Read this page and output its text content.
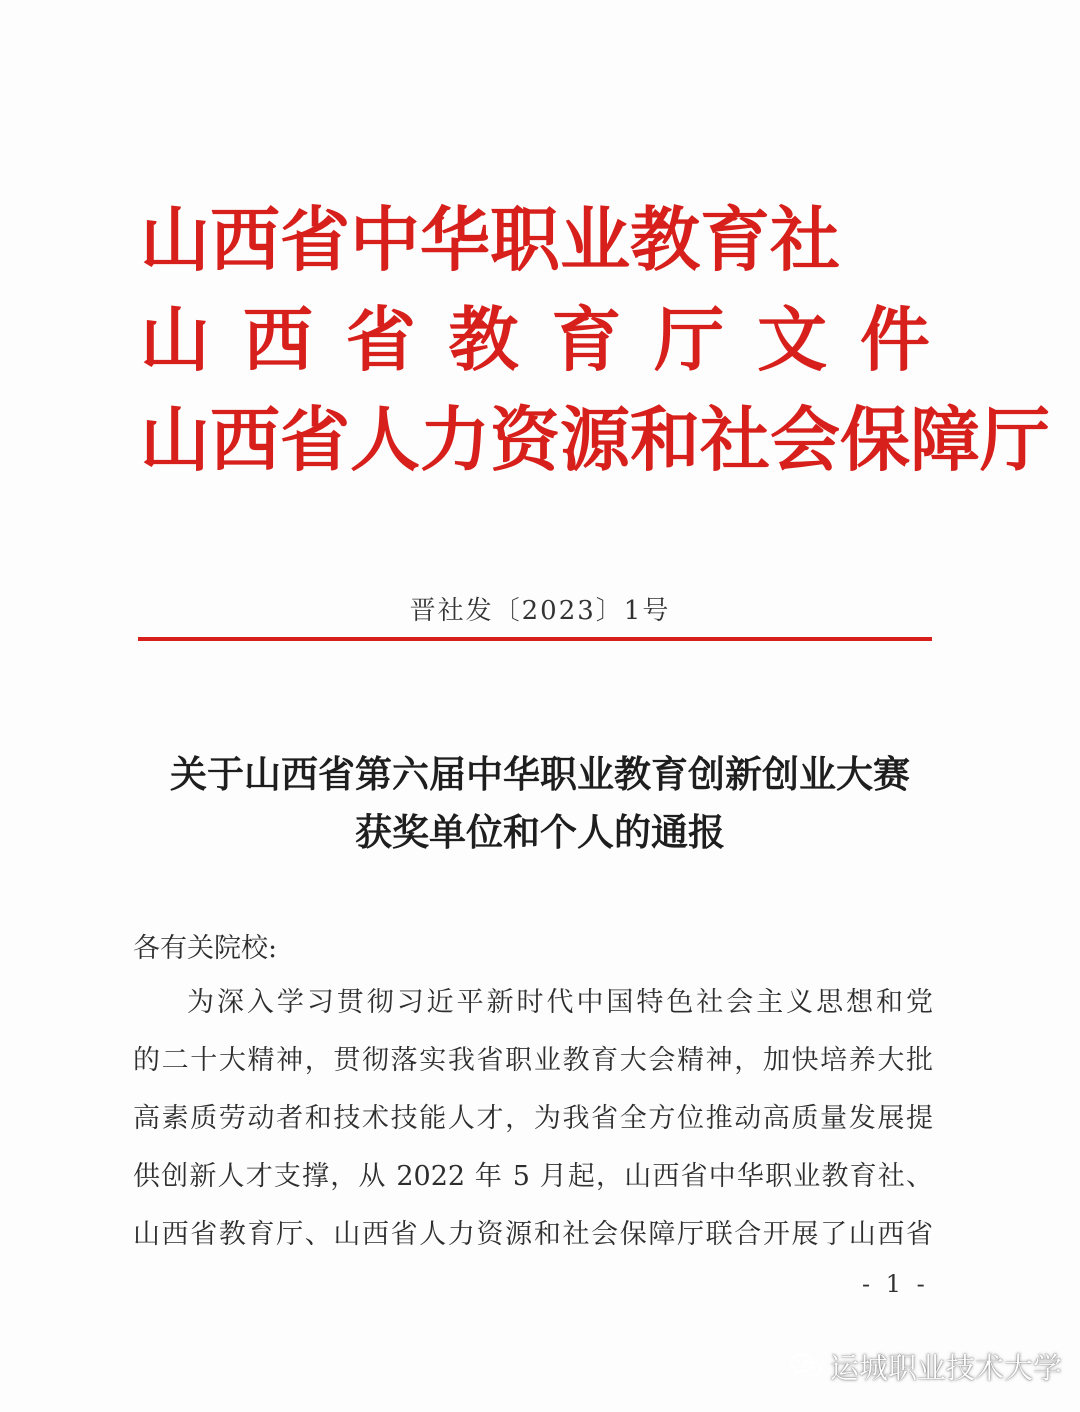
山 西 省 中 华 职 业 教 育 社
山 西 省 教 育 厅 文 件
山 西 省 人 力 资 源 和 社 会 保 障 厅
晋社发〔2023〕1号
关于山西省第六届中华职业教育创新创业大赛
获奖单位和个人的通报
各有关院校:
为深入学习贯彻习近平新时代中国特色社会主义思想和党
的二十大精神，贯彻落实我省职业教育大会精神，加快培养大批
高素质劳动者和技术技能人才，为我省全方位推动高质量发展提
供创新人才支撑，从 2022 年 5 月起，山西省中华职业教育社、
山西省教育厅、山西省人力资源和社会保障厅联合开展了山西省
- 1 -
运城职业技术大学
